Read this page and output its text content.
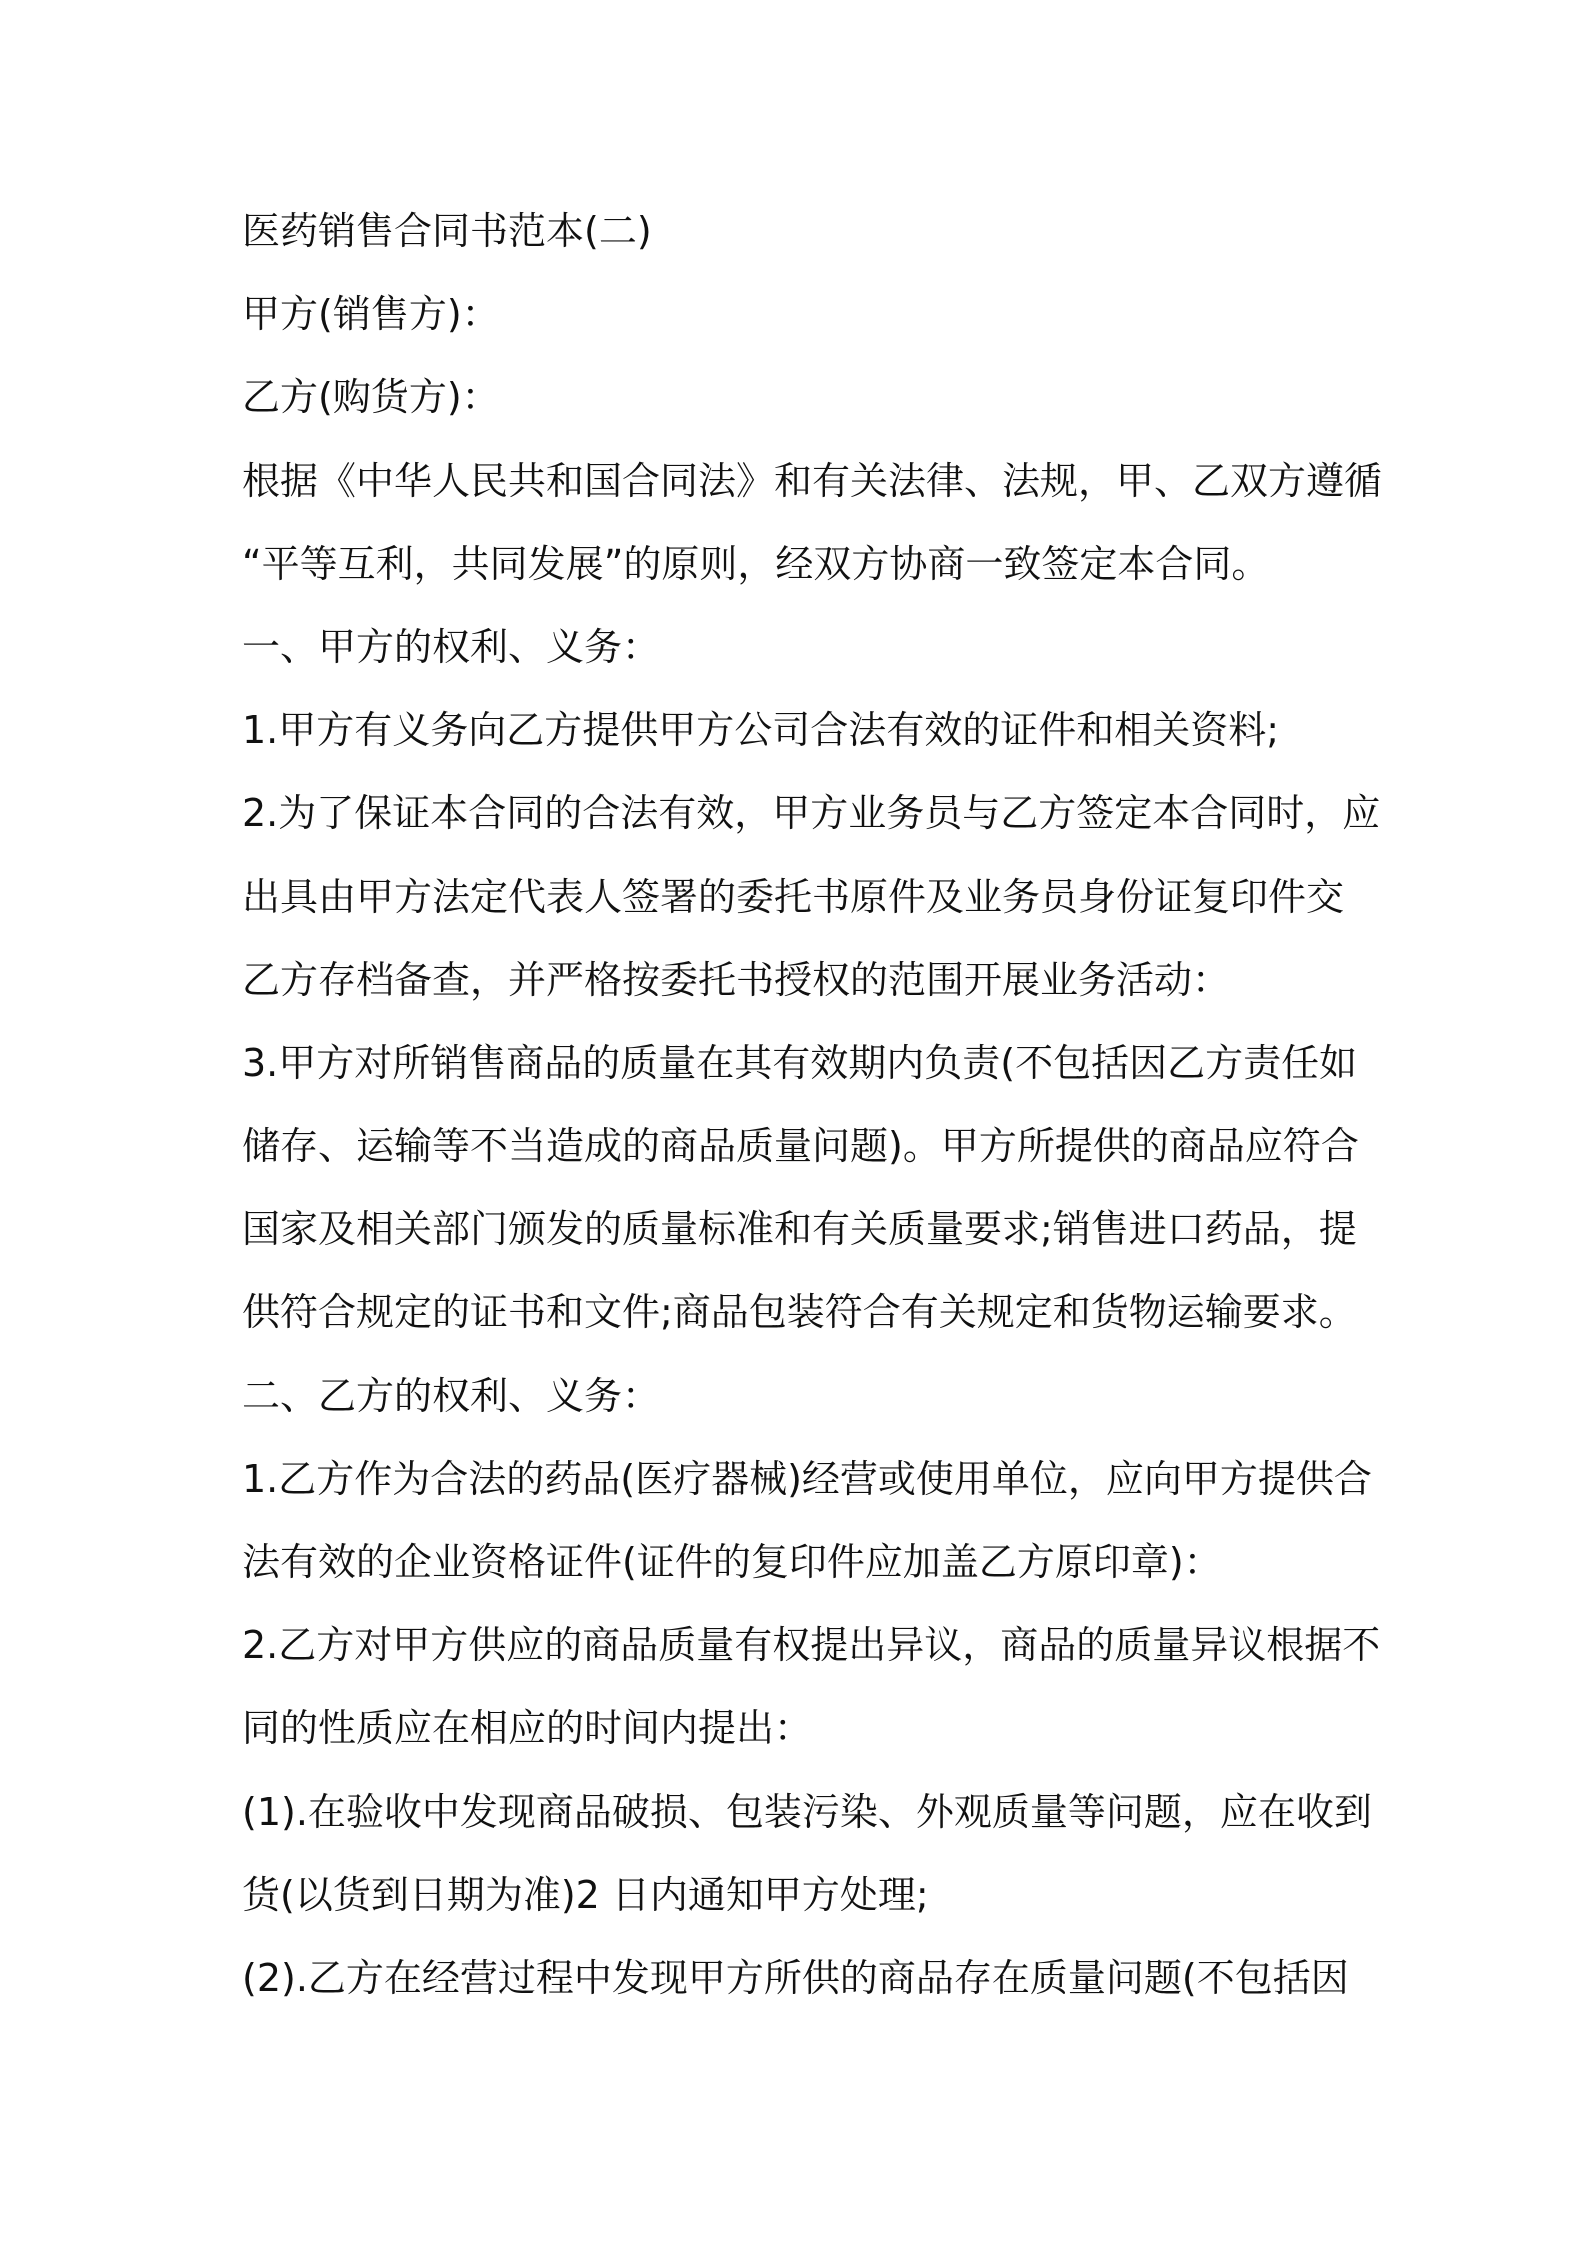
医药销售合同书范本(二)
甲方(销售方)：
乙方(购货方)：
根据《中华人民共和国合同法》和有关法律、法规，甲、乙双方遵循
“平等互利，共同发展”的原则，经双方协商一致签定本合同。
一、甲方的权利、义务：
1.甲方有义务向乙方提供甲方公司合法有效的证件和相关资料;
2.为了保证本合同的合法有效，甲方业务员与乙方签定本合同时，应
出具由甲方法定代表人签署的委托书原件及业务员身份证复印件交
乙方存档备查，并严格按委托书授权的范围开展业务活动：
3.甲方对所销售商品的质量在其有效期内负责(不包括因乙方责任如
储存、运输等不当造成的商品质量问题)。甲方所提供的商品应符合
国家及相关部门颁发的质量标准和有关质量要求;销售进口药品，提
供符合规定的证书和文件;商品包装符合有关规定和货物运输要求。
二、乙方的权利、义务：
1.乙方作为合法的药品(医疗器械)经营或使用单位，应向甲方提供合
法有效的企业资格证件(证件的复印件应加盖乙方原印章)：
2.乙方对甲方供应的商品质量有权提出异议，商品的质量异议根据不
同的性质应在相应的时间内提出：
(1).在验收中发现商品破损、包装污染、外观质量等问题，应在收到
货(以货到日期为准)2 日内通知甲方处理;
(2).乙方在经营过程中发现甲方所供的商品存在质量问题(不包括因
